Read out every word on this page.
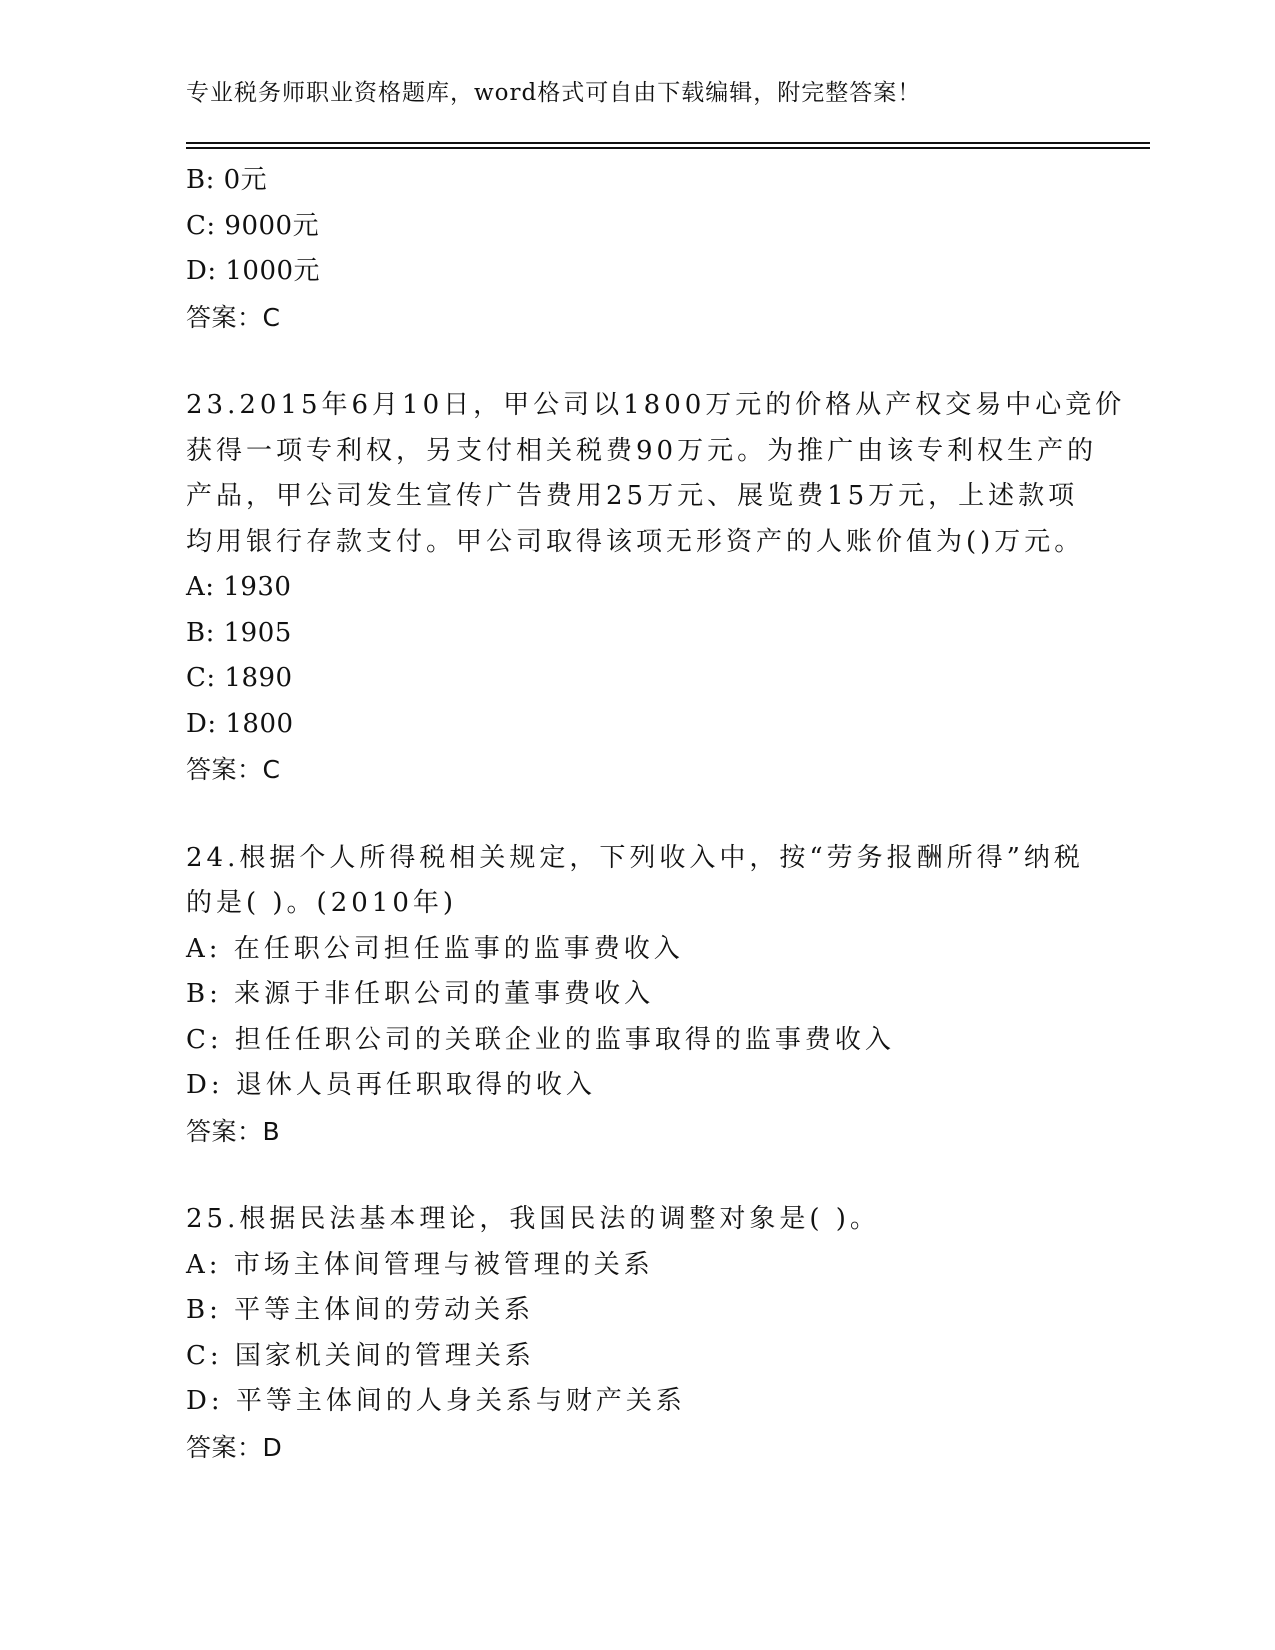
专业税务师职业资格题库，word格式可自由下载编辑，附完整答案！
B: 0元
C: 9000元
D: 1000元
答案：C
23.2015年6月10日，甲公司以1800万元的价格从产权交易中心竞价
获得一项专利权，另支付相关税费90万元。为推广由该专利权生产的
产品，甲公司发生宣传广告费用25万元、展览费15万元，上述款项
均用银行存款支付。甲公司取得该项无形资产的人账价值为()万元。
A: 1930
B: 1905
C: 1890
D: 1800
答案：C
24.根据个人所得税相关规定，下列收入中，按“劳务报酬所得”纳税
的是( )。(2010年)
A: 在任职公司担任监事的监事费收入
B: 来源于非任职公司的董事费收入
C: 担任任职公司的关联企业的监事取得的监事费收入
D: 退休人员再任职取得的收入
答案：B
25.根据民法基本理论，我国民法的调整对象是( )。
A: 市场主体间管理与被管理的关系
B: 平等主体间的劳动关系
C: 国家机关间的管理关系
D: 平等主体间的人身关系与财产关系
答案：D
